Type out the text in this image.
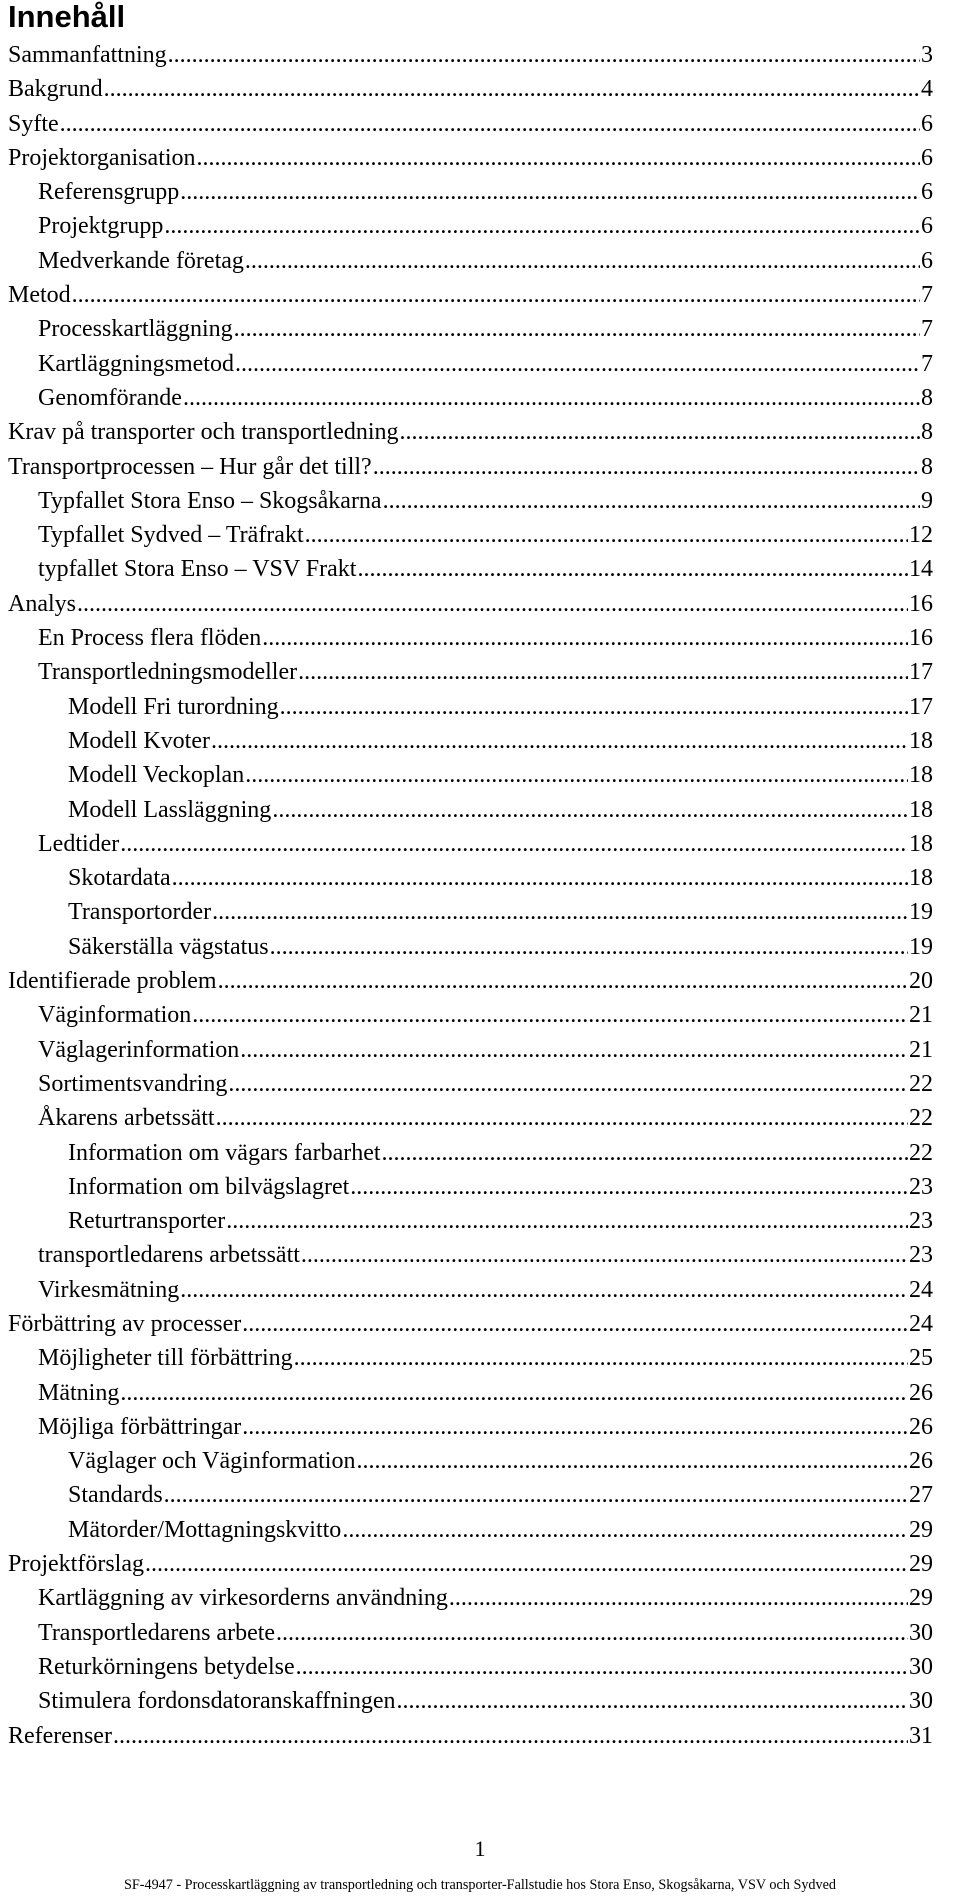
Innehåll
Sammanfattning .....	3
Bakgrund .....	4
Syfte .....	6
Projektorganisation .....	6
Referensgrupp .....	6
Projektgrupp .....	6
Medverkande företag .....	6
Metod .....	7
Processkartläggning .....	7
Kartläggningsmetod .....	7
Genomförande .....	8
Krav på transporter och transportledning .....	8
Transportprocessen – Hur går det till? .....	8
Typfallet Stora Enso – Skogsåkarna .....	9
Typfallet Sydved – Träfrakt .....	12
typfallet Stora Enso – VSV Frakt .....	14
Analys .....	16
En Process flera flöden .....	16
Transportledningsmodeller .....	17
Modell Fri turordning .....	17
Modell Kvoter .....	18
Modell Veckoplan .....	18
Modell Lassläggning .....	18
Ledtider .....	18
Skotardata .....	18
Transportorder .....	19
Säkerställa vägstatus .....	19
Identifierade problem .....	20
Väginformation .....	21
Väglagerinformation .....	21
Sortimentsvandring .....	22
Åkarens arbetssätt .....	22
Information om vägars farbarhet .....	22
Information om bilvägslagret .....	23
Returtransporter .....	23
transportledarens arbetssätt .....	23
Virkesmätning .....	24
Förbättring av processer .....	24
Möjligheter till förbättring .....	25
Mätning .....	26
Möjliga förbättringar .....	26
Väglager och Väginformation .....	26
Standards .....	27
Mätorder/Mottagningskvitto .....	29
Projektförslag .....	29
Kartläggning av virkesorderns användning .....	29
Transportledarens arbete .....	30
Returkörningens betydelse .....	30
Stimulera fordonsdatoranskaffningen .....	30
Referenser .....	31
1
SF-4947 - Processkartläggning av transportledning och transporter-Fallstudie hos Stora Enso, Skogsåkarna, VSV och Sydved
